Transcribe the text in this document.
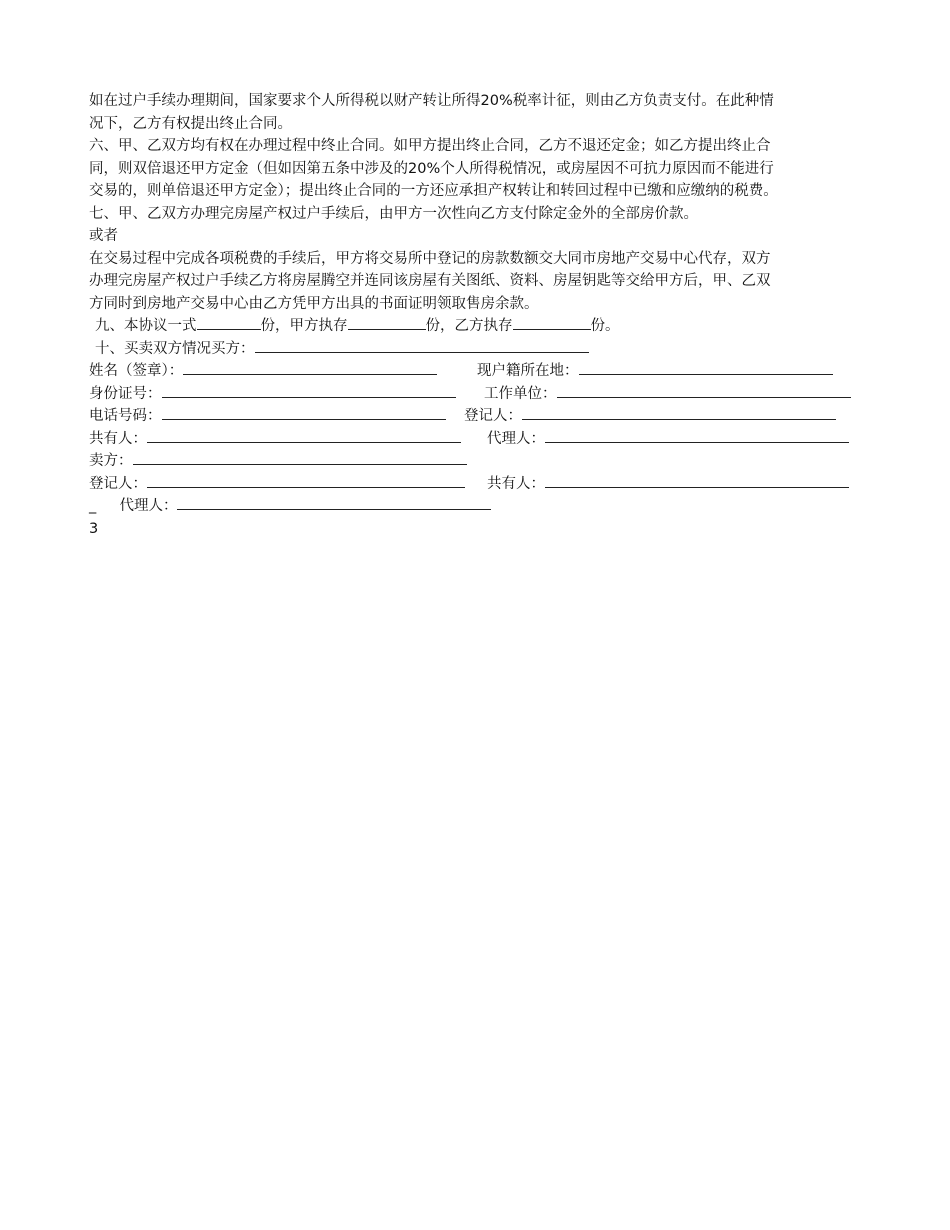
如在过户手续办理期间，国家要求个人所得税以财产转让所得20%税率计征，则由乙方负责支付。在此种情
况下，乙方有权提出终止合同。
六、甲、乙双方均有权在办理过程中终止合同。如甲方提出终止合同，乙方不退还定金；如乙方提出终止合
同，则双倍退还甲方定金（但如因第五条中涉及的20%个人所得税情况，或房屋因不可抗力原因而不能进行
交易的，则单倍退还甲方定金）；提出终止合同的一方还应承担产权转让和转回过程中已缴和应缴纳的税费。
七、甲、乙双方办理完房屋产权过户手续后，由甲方一次性向乙方支付除定金外的全部房价款。
或者
在交易过程中完成各项税费的手续后，甲方将交易所中登记的房款数额交大同市房地产交易中心代存，双方
办理完房屋产权过户手续乙方将房屋腾空并连同该房屋有关图纸、资料、房屋钥匙等交给甲方后，甲、乙双
方同时到房地产交易中心由乙方凭甲方出具的书面证明领取售房余款。
九、本协议一式	份，甲方执存	份，乙方执存	份。
十、买卖双方情况买方：
姓名（签章）：	现户籍所在地：
身份证号：	工作单位：
电话号码：	登记人：
共有人：	代理人：
卖方：
登记人：	共有人：
_ 代理人：
3
